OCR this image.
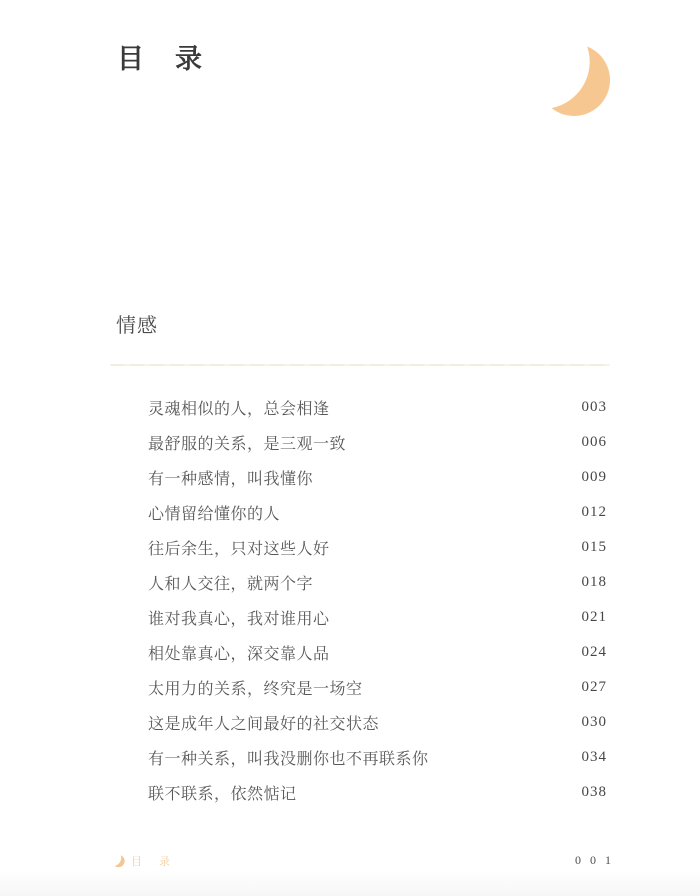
目　录
情感
灵魂相似的人，总会相逢	003
最舒服的关系，是三观一致	006
有一种感情，叫我懂你	009
心情留给懂你的人	012
往后余生，只对这些人好	015
人和人交往，就两个字	018
谁对我真心，我对谁用心	021
相处靠真心，深交靠人品	024
太用力的关系，终究是一场空	027
这是成年人之间最好的社交状态	030
有一种关系，叫我没删你也不再联系你	034
联不联系，依然惦记	038
目　录	0 0 1
